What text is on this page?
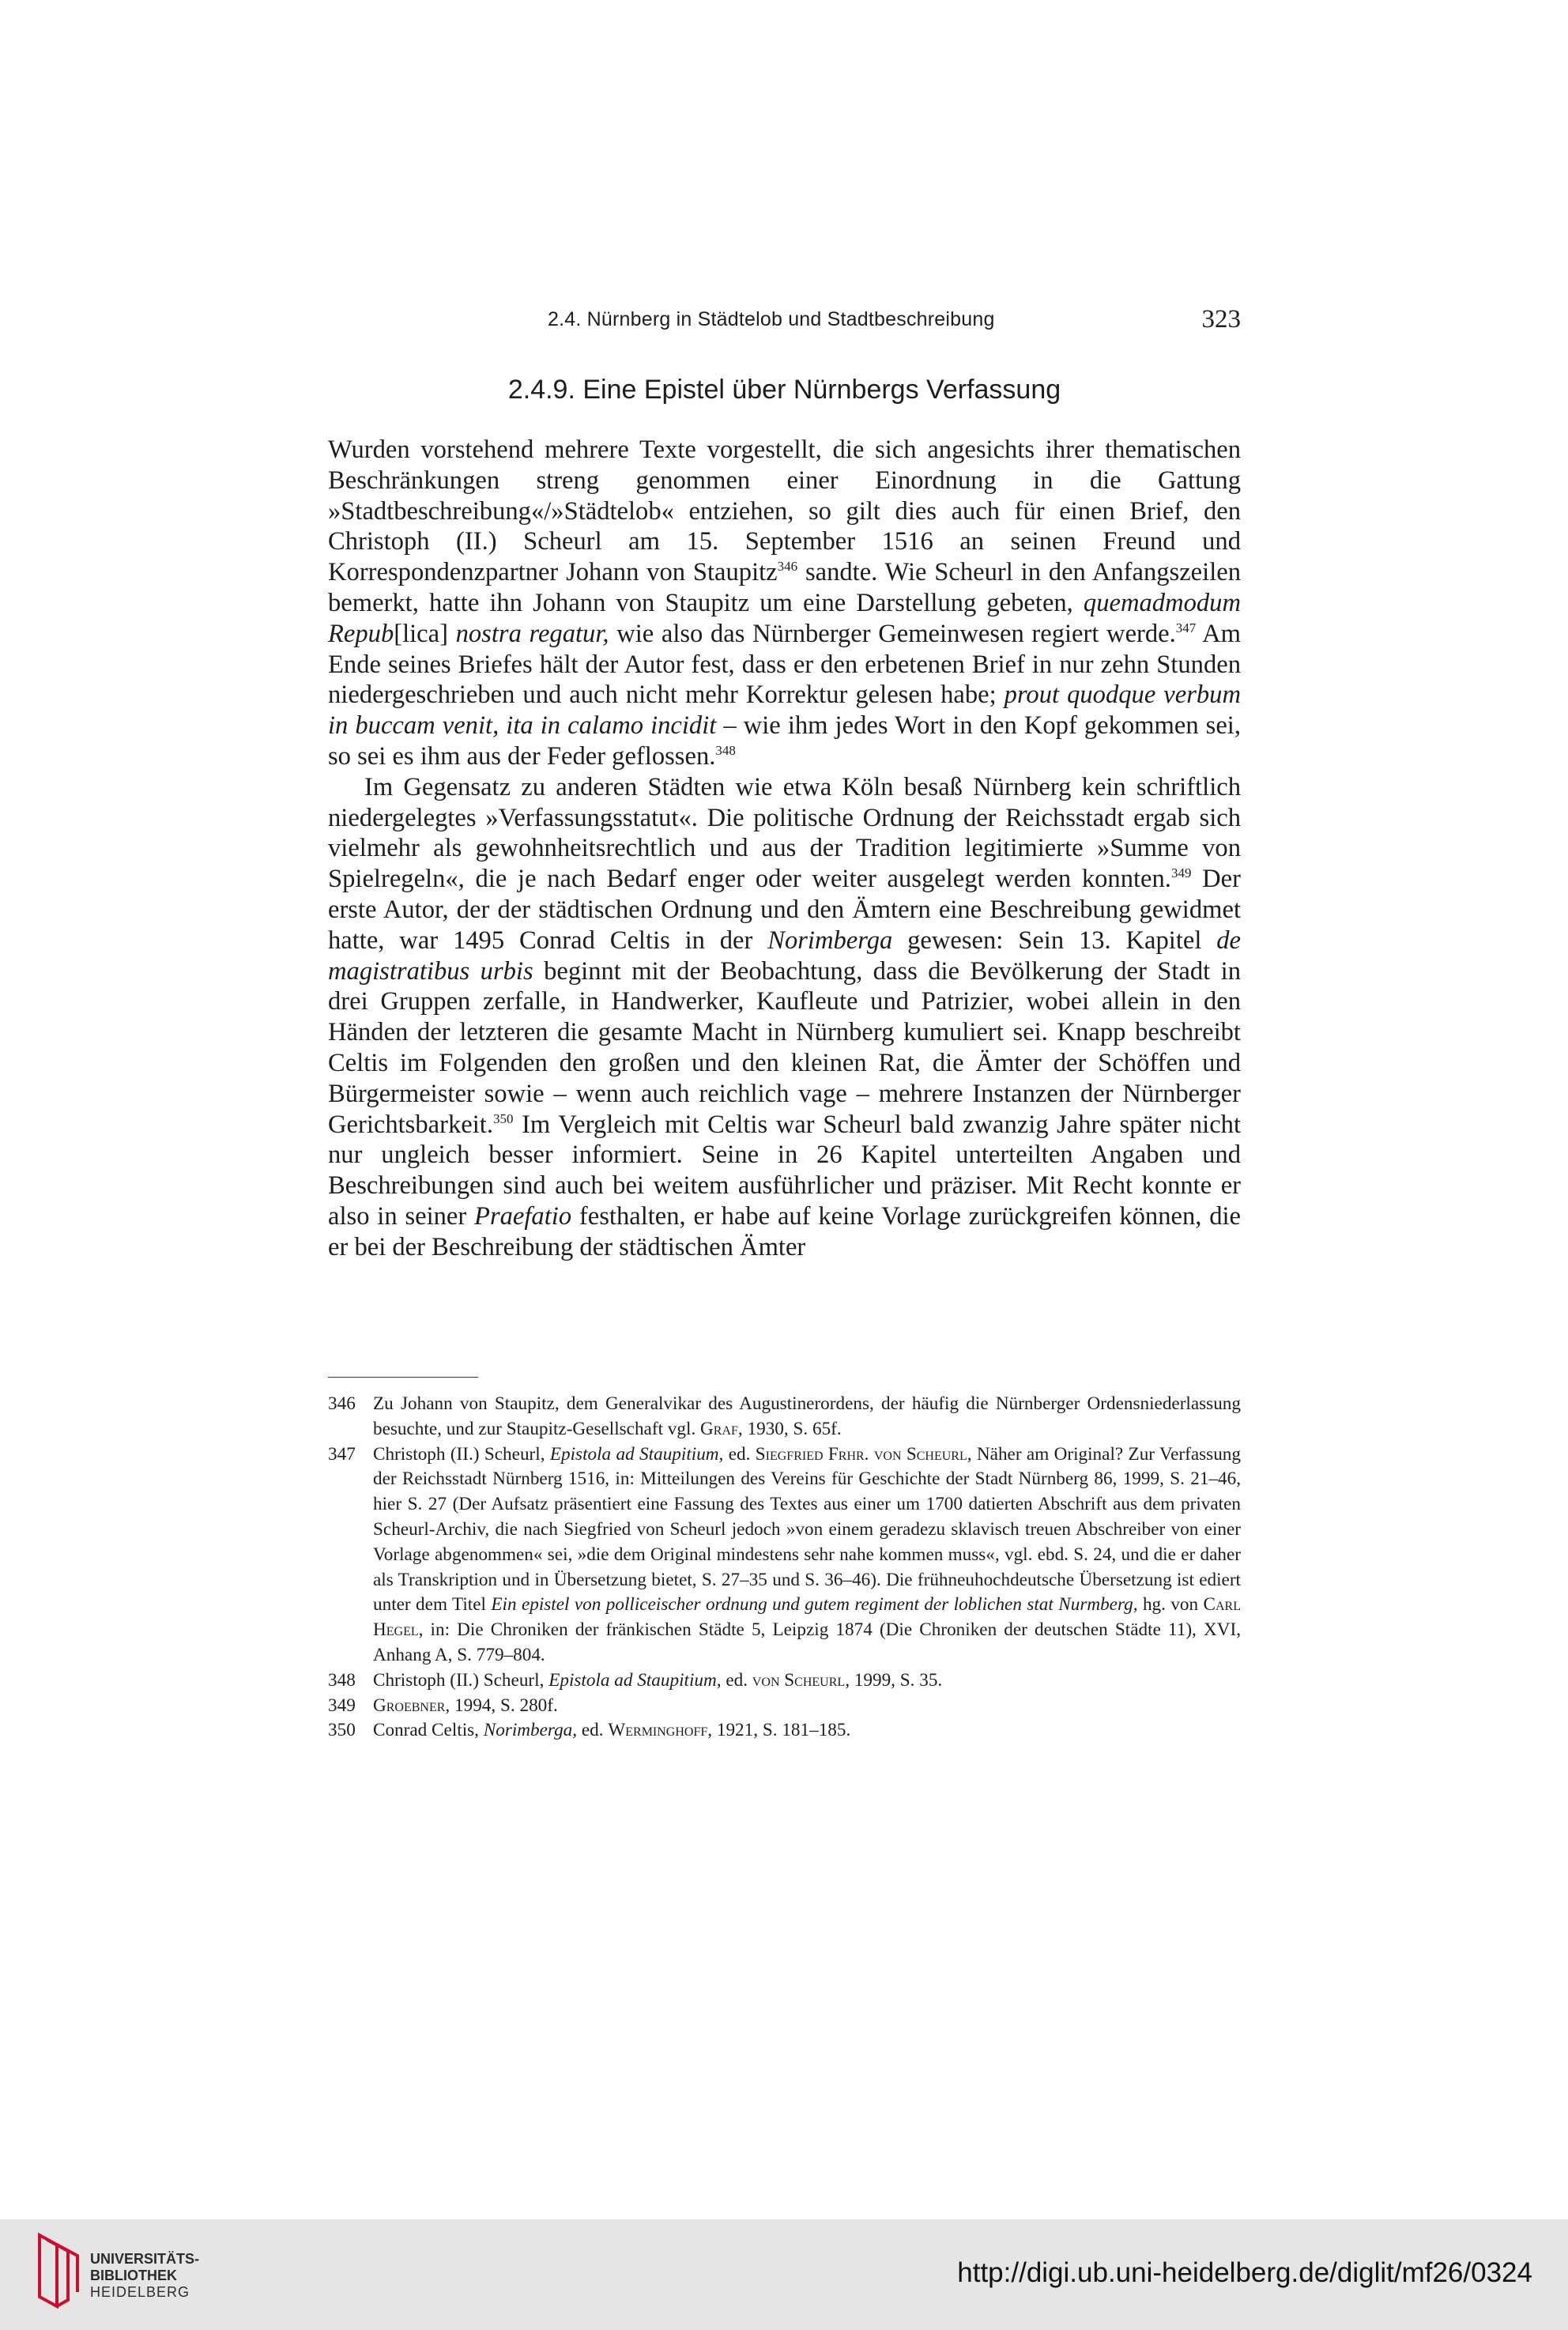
2.4. Nürnberg in Städtelob und Stadtbeschreibung	323
2.4.9. Eine Epistel über Nürnbergs Verfassung

Wurden vorstehend mehrere Texte vorgestellt, die sich angesichts ihrer thematischen Beschränkungen streng genommen einer Einordnung in die Gattung »Stadtbeschreibung«/»Städtelob« entziehen, so gilt dies auch für einen Brief, den Christoph (II.) Scheurl am 15. September 1516 an seinen Freund und Korrespondenzpartner Johann von Staupitz$^{346}$ sandte. Wie Scheurl in den Anfangszeilen bemerkt, hatte ihn Johann von Staupitz um eine Darstellung gebeten, quemadmodum Repub[lica] nostra regatur, wie also das Nürnberger Gemeinwesen regiert werde.$^{347}$ Am Ende seines Briefes hält der Autor fest, dass er den erbetenen Brief in nur zehn Stunden niedergeschrieben und auch nicht mehr Korrektur gelesen habe; prout quodque verbum in buccam venit, ita in calamo incidit – wie ihm jedes Wort in den Kopf gekommen sei, so sei es ihm aus der Feder geflossen.$^{348}$

Im Gegensatz zu anderen Städten wie etwa Köln besaß Nürnberg kein schriftlich niedergelegtes »Verfassungsstatut«. Die politische Ordnung der Reichsstadt ergab sich vielmehr als gewohnheitsrechtlich und aus der Tradition legitimierte »Summe von Spielregeln«, die je nach Bedarf enger oder weiter ausgelegt werden konnten.$^{349}$ Der erste Autor, der der städtischen Ordnung und den Ämtern eine Beschreibung gewidmet hatte, war 1495 Conrad Celtis in der Norimberga gewesen: Sein 13. Kapitel de magistratibus urbis beginnt mit der Beobachtung, dass die Bevölkerung der Stadt in drei Gruppen zerfalle, in Handwerker, Kaufleute und Patrizier, wobei allein in den Händen der letzteren die gesamte Macht in Nürnberg kumuliert sei. Knapp beschreibt Celtis im Folgenden den großen und den kleinen Rat, die Ämter der Schöffen und Bürgermeister sowie – wenn auch reichlich vage – mehrere Instanzen der Nürnberger Gerichtsbarkeit.$^{350}$ Im Vergleich mit Celtis war Scheurl bald zwanzig Jahre später nicht nur ungleich besser informiert. Seine in 26 Kapitel unterteilten Angaben und Beschreibungen sind auch bei weitem ausführlicher und präziser. Mit Recht konnte er also in seiner Praefatio festhalten, er habe auf keine Vorlage zurückgreifen können, die er bei der Beschreibung der städtischen Ämter

346 Zu Johann von Staupitz, dem Generalvikar des Augustinerordens, der häufig die Nürnberger Ordensniederlassung besuchte, und zur Staupitz-Gesellschaft vgl. Graf, 1930, S. 65f.
347 Christoph (II.) Scheurl, Epistola ad Staupitium, ed. Siegfried Frhr. von Scheurl, Näher am Original? Zur Verfassung der Reichsstadt Nürnberg 1516, in: Mitteilungen des Vereins für Geschichte der Stadt Nürnberg 86, 1999, S. 21–46, hier S. 27 (Der Aufsatz präsentiert eine Fassung des Textes aus einer um 1700 datierten Abschrift aus dem privaten Scheurl-Archiv, die nach Siegfried von Scheurl jedoch »von einem geradezu sklavisch treuen Abschreiber von einer Vorlage abgenommen« sei, »die dem Original mindestens sehr nahe kommen muss«, vgl. ebd. S. 24, und die er daher als Transkription und in Übersetzung bietet, S. 27–35 und S. 36–46). Die frühneuhochdeutsche Übersetzung ist ediert unter dem Titel Ein epistel von polliceischer ordnung und gutem regiment der loblichen stat Nurmberg, hg. von Carl Hegel, in: Die Chroniken der fränkischen Städte 5, Leipzig 1874 (Die Chroniken der deutschen Städte 11), XVI, Anhang A, S. 779–804.
348 Christoph (II.) Scheurl, Epistola ad Staupitium, ed. von Scheurl, 1999, S. 35.
349 Groebner, 1994, S. 280f.
350 Conrad Celtis, Norimberga, ed. Werminghoff, 1921, S. 181–185.
UNIVERSITÄTS-
BIBLIOTHEK
HEIDELBERG
http://digi.ub.uni-heidelberg.de/diglit/mf26/0324
